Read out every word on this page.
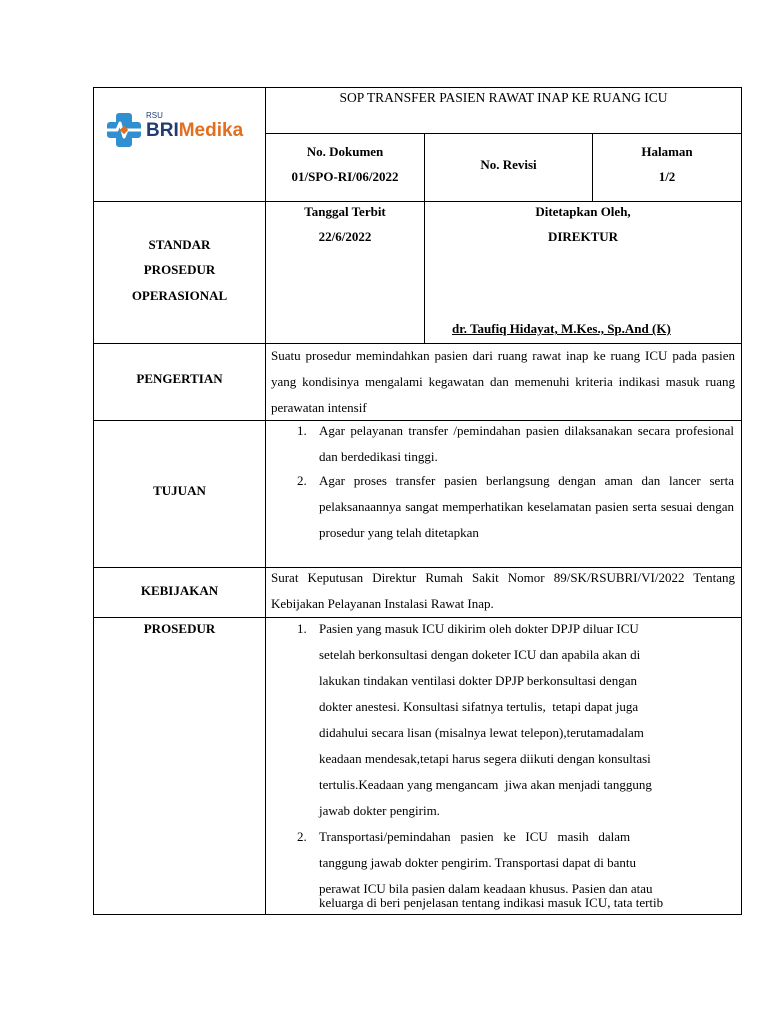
RSU
BRIMedika
SOP TRANSFER PASIEN RAWAT INAP KE RUANG ICU
No. Dokumen
01/SPO-RI/06/2022
No. Revisi
Halaman
1/2
STANDAR
PROSEDUR
OPERASIONAL
Tanggal Terbit
22/6/2022
Ditetapkan Oleh,
DIREKTUR
dr. Taufiq Hidayat, M.Kes., Sp.And (K)
PENGERTIAN
Suatu prosedur memindahkan pasien dari ruang rawat inap ke ruang ICU pada pasien yang kondisinya mengalami kegawatan dan memenuhi kriteria indikasi masuk ruang perawatan intensif
TUJUAN
1. Agar pelayanan transfer /pemindahan pasien dilaksanakan secara profesional dan berdedikasi tinggi.
2. Agar proses transfer pasien berlangsung dengan aman dan lancer serta pelaksanaannya sangat memperhatikan keselamatan pasien serta sesuai dengan prosedur yang telah ditetapkan
KEBIJAKAN
Surat Keputusan Direktur Rumah Sakit Nomor 89/SK/RSUBRI/VI/2022 Tentang Kebijakan Pelayanan Instalasi Rawat Inap.
PROSEDUR	1. Pasien yang masuk ICU dikirim oleh dokter DPJP diluar ICU
setelah berkonsultasi dengan doketer ICU dan apabila akan di
lakukan tindakan ventilasi dokter DPJP berkonsultasi dengan
dokter anestesi. Konsultasi sifatnya tertulis,  tetapi dapat juga
didahului secara lisan (misalnya lewat telepon),terutamadalam
keadaan mendesak,tetapi harus segera diikuti dengan konsultasi
tertulis.Keadaan yang mengancam  jiwa akan menjadi tanggung
jawab dokter pengirim.
2. Transportasi/pemindahan   pasien   ke   ICU   masih   dalam
tanggung jawab dokter pengirim. Transportasi dapat di bantu
perawat ICU bila pasien dalam keadaan khusus. Pasien dan atau
keluarga di beri penjelasan tentang indikasi masuk ICU, tata tertib
